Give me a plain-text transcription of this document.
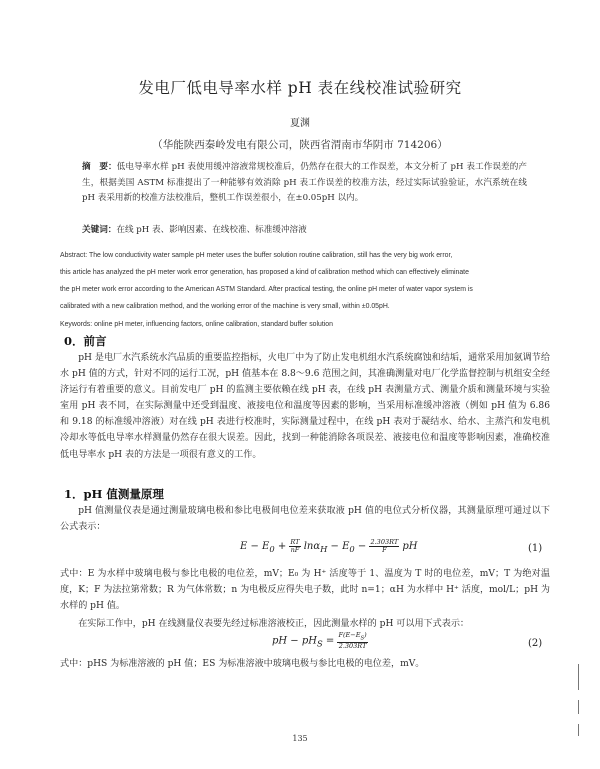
发电厂低电导率水样 pH 表在线校准试验研究
夏渊
（华能陕西秦岭发电有限公司，陕西省渭南市华阴市 714206）
摘　要：低电导率水样 pH 表使用缓冲溶液常规校准后，仍然存在很大的工作误差，本文分析了 pH 表工作误差的产生，根据美国 ASTM 标准提出了一种能够有效消除 pH 表工作误差的校准方法，经过实际试验验证，水汽系统在线 pH 表采用新的校准方法校准后，整机工作误差很小，在±0.05pH 以内。
关键词：在线 pH 表、影响因素、在线校准、标准缓冲溶液
Abstract: The low conductivity water sample pH meter uses the buffer solution routine calibration, still has the very big work error,
this article has analyzed the pH meter work error generation, has proposed a kind of calibration method which can effectively eliminate
the pH meter work error according to the American ASTM Standard. After practical testing, the online pH meter of water vapor system is
calibrated with a new calibration method, and the working error of the machine is very small, within ±0.05pH.
Keywords: online pH meter, influencing factors, online calibration, standard buffer solution
0．前言
pH 是电厂水汽系统水汽品质的重要监控指标，火电厂中为了防止发电机组水汽系统腐蚀和结垢，通常采用加氨调节给水 pH 值的方式，针对不同的运行工况，pH 值基本在 8.8～9.6 范围之间，其准确测量对电厂化学监督控制与机组安全经济运行有着重要的意义。目前发电厂 pH 的监测主要依赖在线 pH 表，在线 pH 表测量方式、测量介质和测量环境与实验室用 pH 表不同，在实际测量中还受到温度、液接电位和温度等因素的影响，当采用标准缓冲溶液（例如 pH 值为 6.86 和 9.18 的标准缓冲溶液）对在线 pH 表进行校准时，实际测量过程中，在线 pH 表对于凝结水、给水、主蒸汽和发电机冷却水等低电导率水样测量仍然存在很大误差。因此，找到一种能消除各项误差、液接电位和温度等影响因素，准确校准低电导率水 pH 表的方法是一项很有意义的工作。
1．pH 值测量原理
pH 值测量仪表是通过测量玻璃电极和参比电极间电位差来获取液 pH 值的电位式分析仪器，其测量原理可通过以下公式表示：
$E - E_0 + \frac{RT}{nF} \ln\alpha_H - E_0 - \frac{2.303RT}{F}$ pH	(1)
式中：E 为水样中玻璃电极与参比电极的电位差，mV；E₀ 为 H⁺ 活度等于 1、温度为 T 时的电位差，mV；T 为绝对温度，K；F 为法拉第常数；R 为气体常数；n 为电极反应得失电子数，此时 n=1；αH 为水样中 H⁺ 活度，mol/L；pH 为水样的 pH 值。
在实际工作中，pH 在线测量仪表要先经过标准溶液校正，因此测量水样的 pH 可以用下式表示：
pH − $pH_S = \frac{F(E-E_S)}{2.303RT}$	(2)
式中：pHS 为标准溶液的 pH 值；ES 为标准溶液中玻璃电极与参比电极的电位差，mV。
135
